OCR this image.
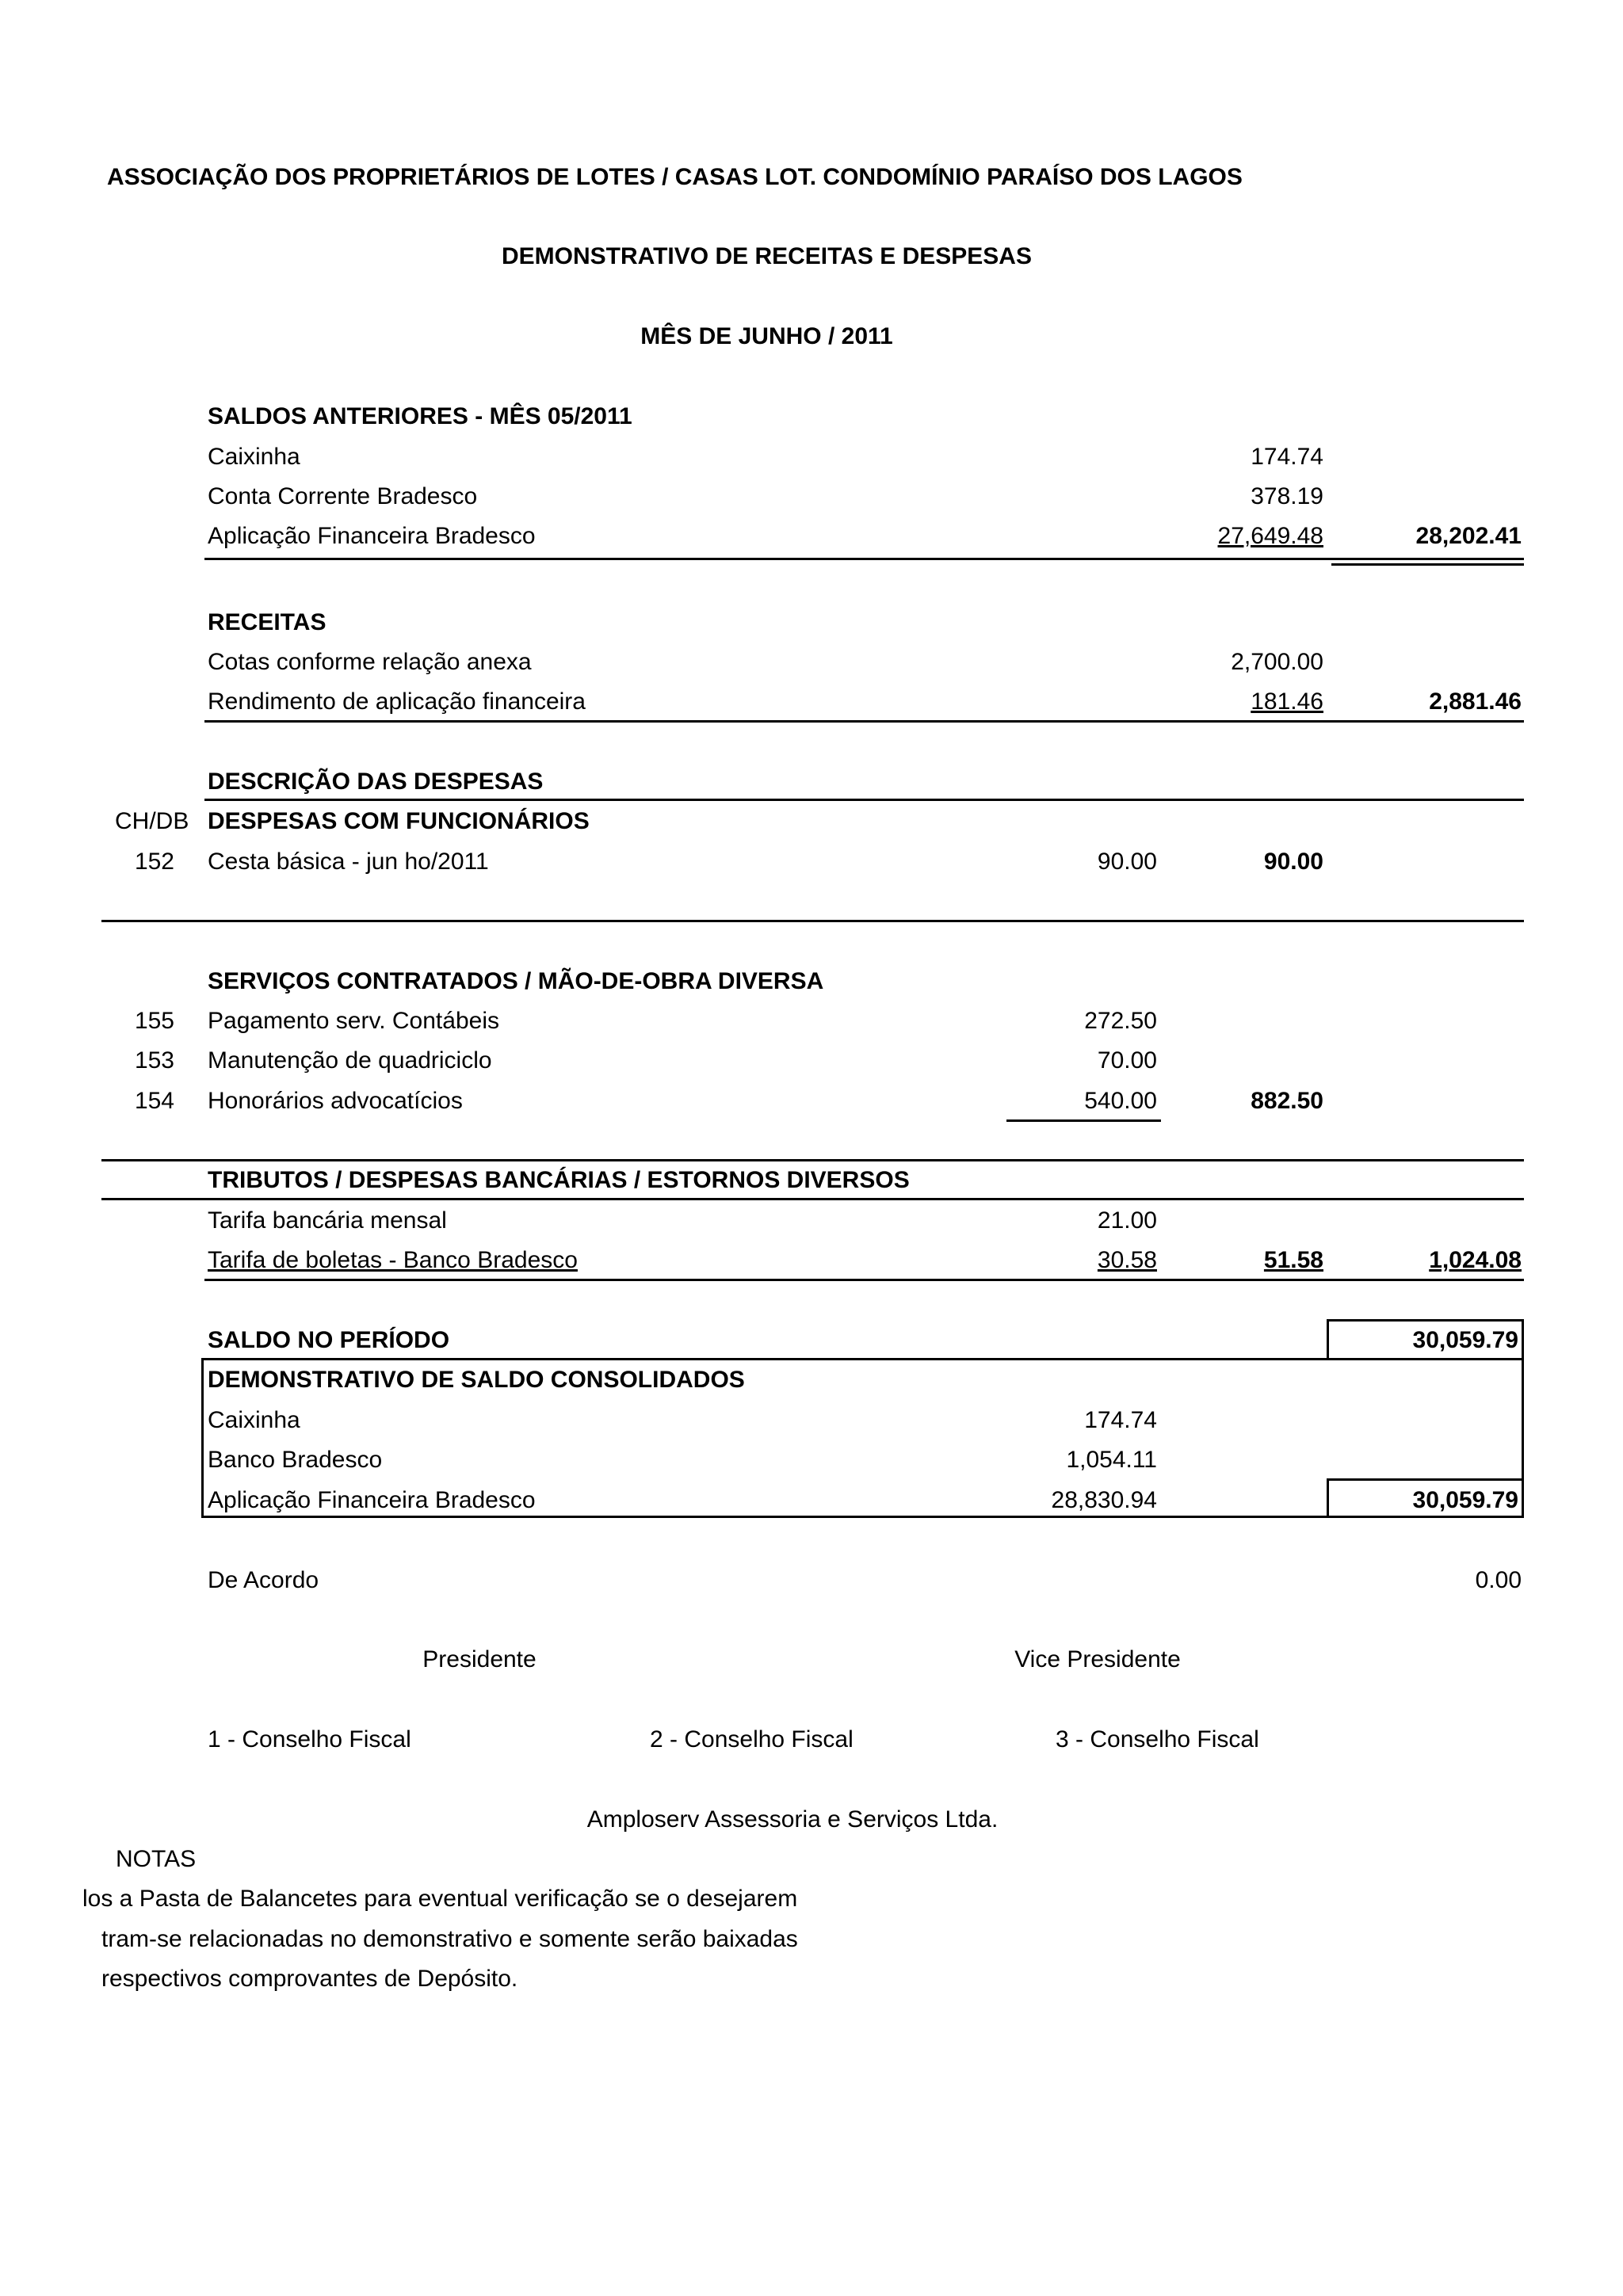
ASSOCIAÇÃO DOS PROPRIETÁRIOS DE LOTES / CASAS LOT. CONDOMÍNIO PARAÍSO DOS LAGOS
DEMONSTRATIVO DE RECEITAS E DESPESAS
MÊS DE JUNHO / 2011
SALDOS ANTERIORES - MÊS 05/2011
Caixinha	174.74
Conta Corrente Bradesco	378.19
Aplicação Financeira Bradesco	27,649.48	28,202.41
RECEITAS
Cotas conforme relação anexa	2,700.00
Rendimento de aplicação financeira	181.46	2,881.46
DESCRIÇÃO DAS DESPESAS
CH/DB DESPESAS COM FUNCIONÁRIOS
152 Cesta básica - jun ho/2011	90.00	90.00
SERVIÇOS CONTRATADOS / MÃO-DE-OBRA DIVERSA
155 Pagamento serv. Contábeis	272.50
153 Manutenção de quadriciclo	70.00
154 Honorários advocatícios	540.00	882.50
TRIBUTOS / DESPESAS BANCÁRIAS / ESTORNOS DIVERSOS
Tarifa bancária mensal	21.00
Tarifa de boletas - Banco Bradesco	30.58	51.58	1,024.08
SALDO NO PERÍODO	30,059.79
DEMONSTRATIVO DE SALDO CONSOLIDADOS
Caixinha	174.74
Banco Bradesco	1,054.11
Aplicação Financeira Bradesco	28,830.94	30,059.79
De Acordo	0.00
Presidente	Vice Presidente
1 - Conselho Fiscal	2 - Conselho Fiscal	3 - Conselho Fiscal
Amploserv Assessoria e Serviços Ltda.
NOTAS
los a Pasta de Balancetes para eventual verificação se o desejarem
tram-se relacionadas no demonstrativo e somente serão baixadas
respectivos comprovantes de Depósito.
